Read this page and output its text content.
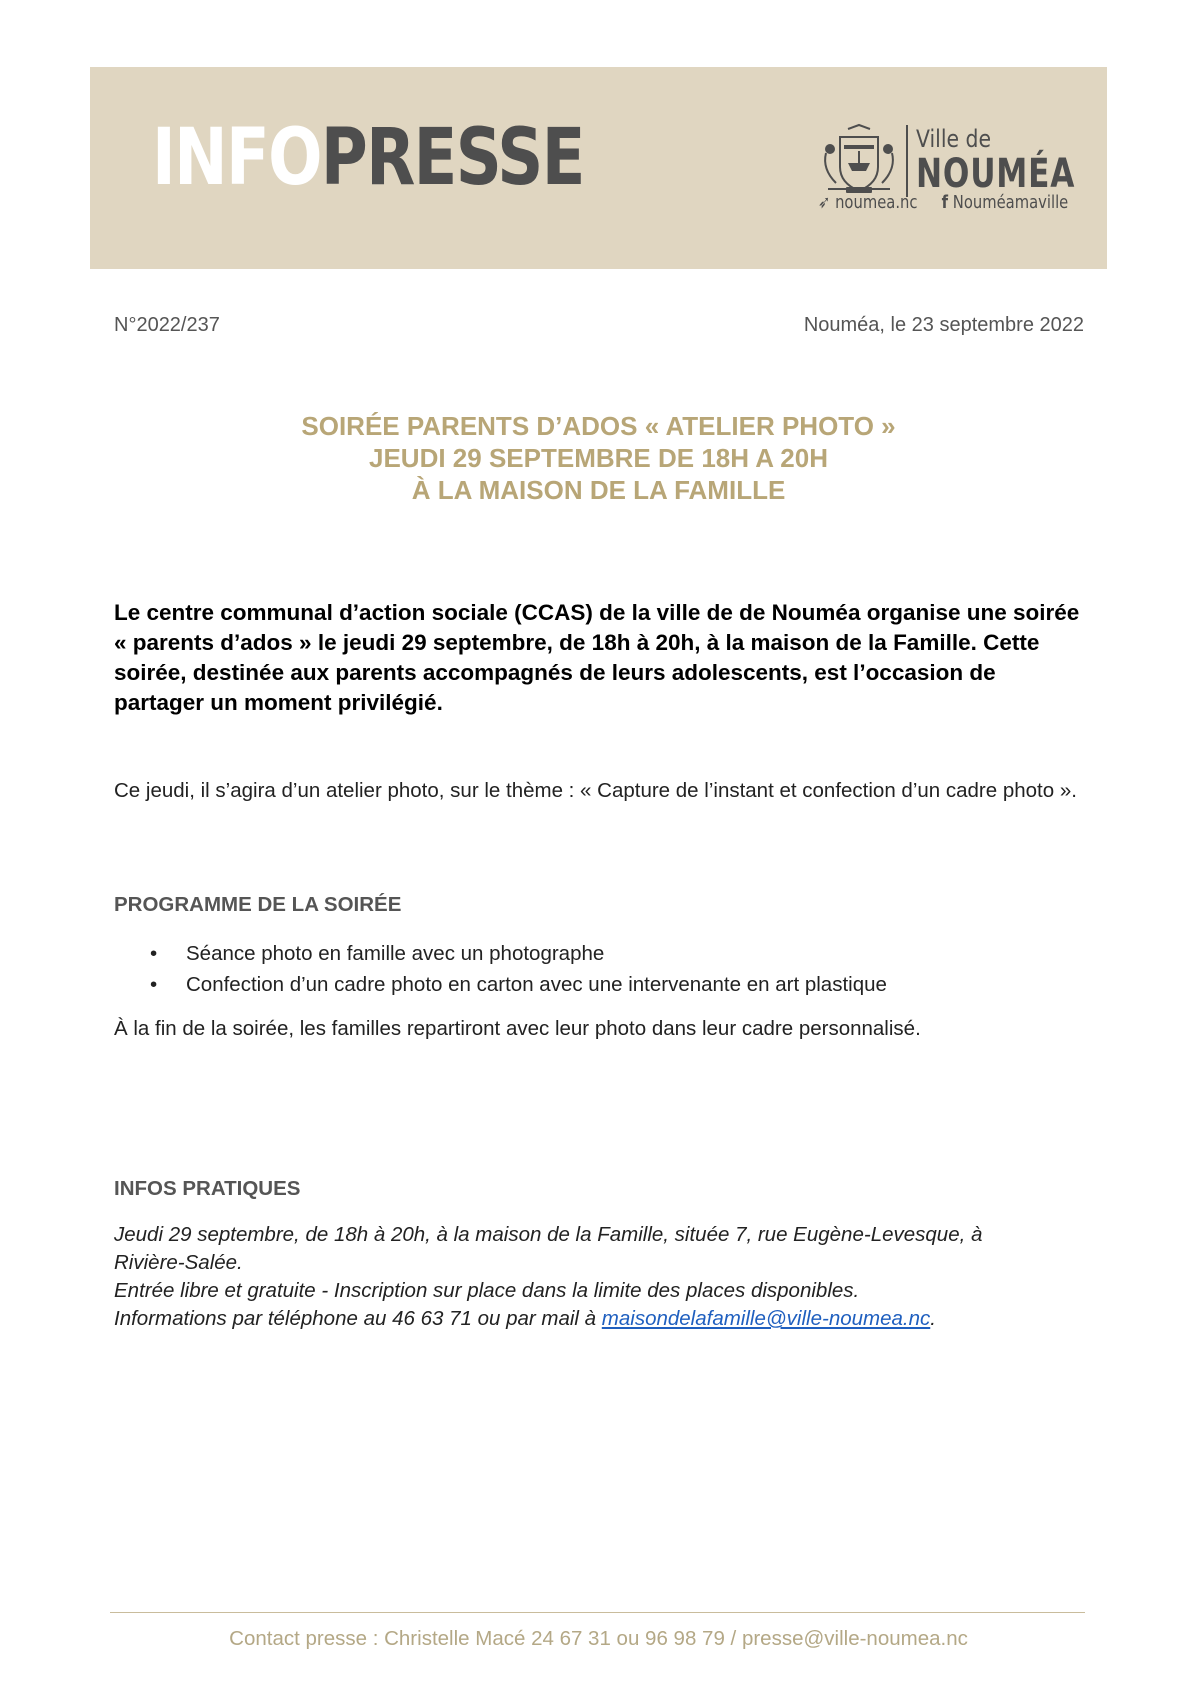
INFOPRESSE	Ville de
NOUMÉA
➶ noumea.nc f Nouméamaville
N°2022/237	Nouméa, le 23 septembre 2022
SOIRÉE PARENTS D’ADOS « ATELIER PHOTO »
JEUDI 29 SEPTEMBRE DE 18H A 20H
À LA MAISON DE LA FAMILLE
Le centre communal d’action sociale (CCAS) de la ville de de Nouméa organise une soirée « parents d’ados » le jeudi 29 septembre, de 18h à 20h, à la maison de la Famille. Cette soirée, destinée aux parents accompagnés de leurs adolescents, est l’occasion de partager un moment privilégié.
Ce jeudi, il s’agira d’un atelier photo, sur le thème : « Capture de l’instant et confection d’un cadre photo ».
PROGRAMME DE LA SOIRÉE
• Séance photo en famille avec un photographe
• Confection d’un cadre photo en carton avec une intervenante en art plastique
À la fin de la soirée, les familles repartiront avec leur photo dans leur cadre personnalisé.
INFOS PRATIQUES
Jeudi 29 septembre, de 18h à 20h, à la maison de la Famille, située 7, rue Eugène-Levesque, à
Rivière-Salée.
Entrée libre et gratuite - Inscription sur place dans la limite des places disponibles.
Informations par téléphone au 46 63 71 ou par mail à maisondelafamille@ville-noumea.nc.
Contact presse : Christelle Macé 24 67 31 ou 96 98 79 / presse@ville-noumea.nc
